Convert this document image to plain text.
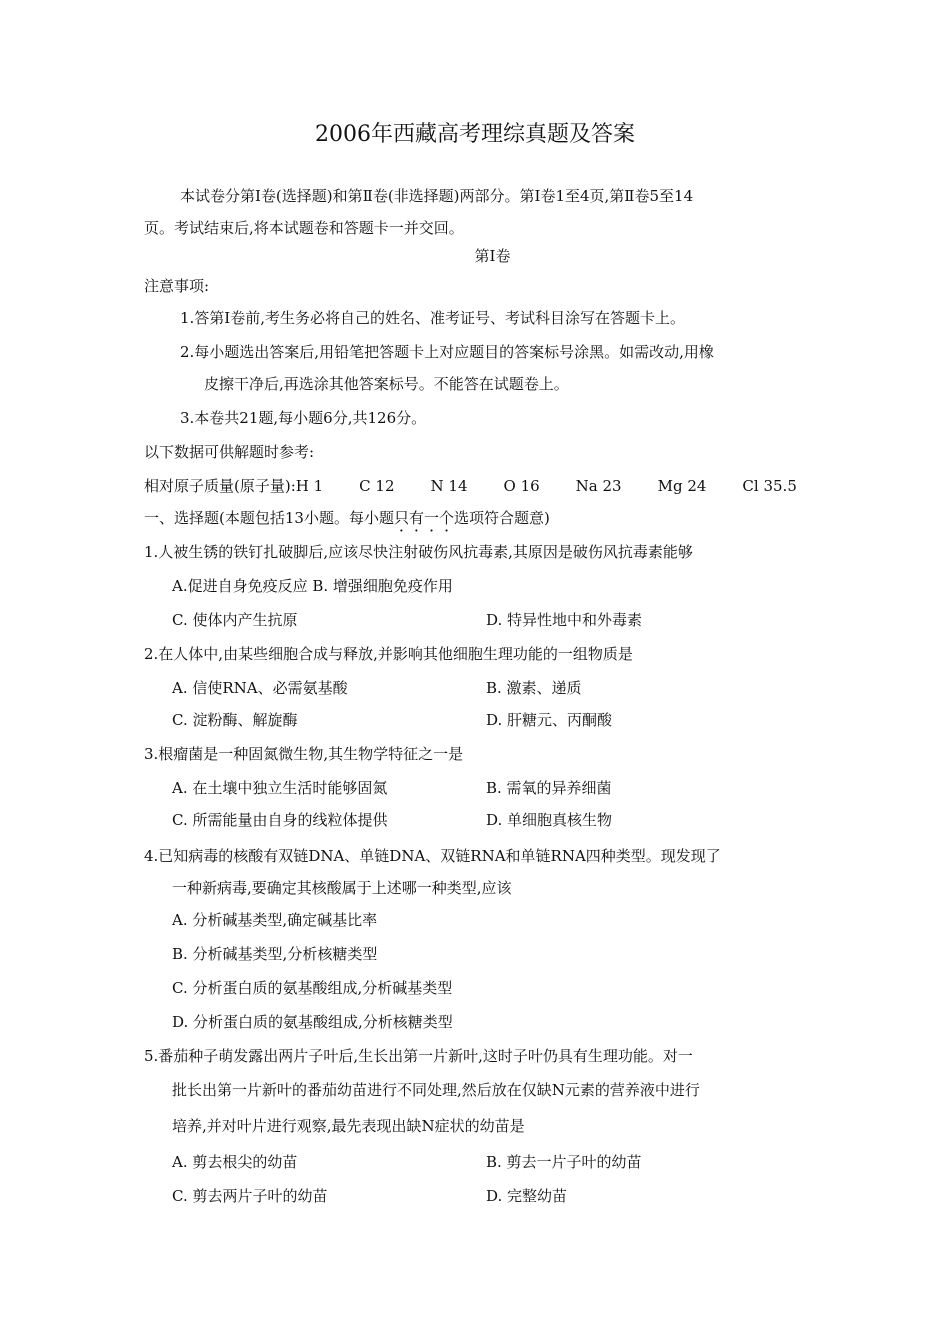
2006年西藏高考理综真题及答案
本试卷分第Ⅰ卷(选择题)和第Ⅱ卷(非选择题)两部分。第Ⅰ卷1至4页,第Ⅱ卷5至14
页。考试结束后,将本试题卷和答题卡一并交回。
第Ⅰ卷
注意事项:
1.答第Ⅰ卷前,考生务必将自己的姓名、准考证号、考试科目涂写在答题卡上。
2.每小题选出答案后,用铅笔把答题卡上对应题目的答案标号涂黑。如需改动,用橡
皮擦干净后,再选涂其他答案标号。不能答在试题卷上。
3.本卷共21题,每小题6分,共126分。
以下数据可供解题时参考:
相对原子质量(原子量):H 1 C 12 N 14 O 16 Na 23 Mg 24 Cl 35.5
一、选择题(本题包括13小题。每小题只有一个选项符合题意)
1.人被生锈的铁钉扎破脚后,应该尽快注射破伤风抗毒素,其原因是破伤风抗毒素能够
A.促进自身免疫反应 B. 增强细胞免疫作用
C. 使体内产生抗原	D. 特异性地中和外毒素
2.在人体中,由某些细胞合成与释放,并影响其他细胞生理功能的一组物质是
A. 信使RNA、必需氨基酸	B. 激素、递质
C. 淀粉酶、解旋酶	D. 肝糖元、丙酮酸
3.根瘤菌是一种固氮微生物,其生物学特征之一是
A. 在土壤中独立生活时能够固氮	B. 需氧的异养细菌
C. 所需能量由自身的线粒体提供	D. 单细胞真核生物
4.已知病毒的核酸有双链DNA、单链DNA、双链RNA和单链RNA四种类型。现发现了
一种新病毒,要确定其核酸属于上述哪一种类型,应该
A. 分析碱基类型,确定碱基比率
B. 分析碱基类型,分析核糖类型
C. 分析蛋白质的氨基酸组成,分析碱基类型
D. 分析蛋白质的氨基酸组成,分析核糖类型
5.番茄种子萌发露出两片子叶后,生长出第一片新叶,这时子叶仍具有生理功能。对一
批长出第一片新叶的番茄幼苗进行不同处理,然后放在仅缺N元素的营养液中进行
培养,并对叶片进行观察,最先表现出缺N症状的幼苗是
A. 剪去根尖的幼苗	B. 剪去一片子叶的幼苗
C. 剪去两片子叶的幼苗	D. 完整幼苗
